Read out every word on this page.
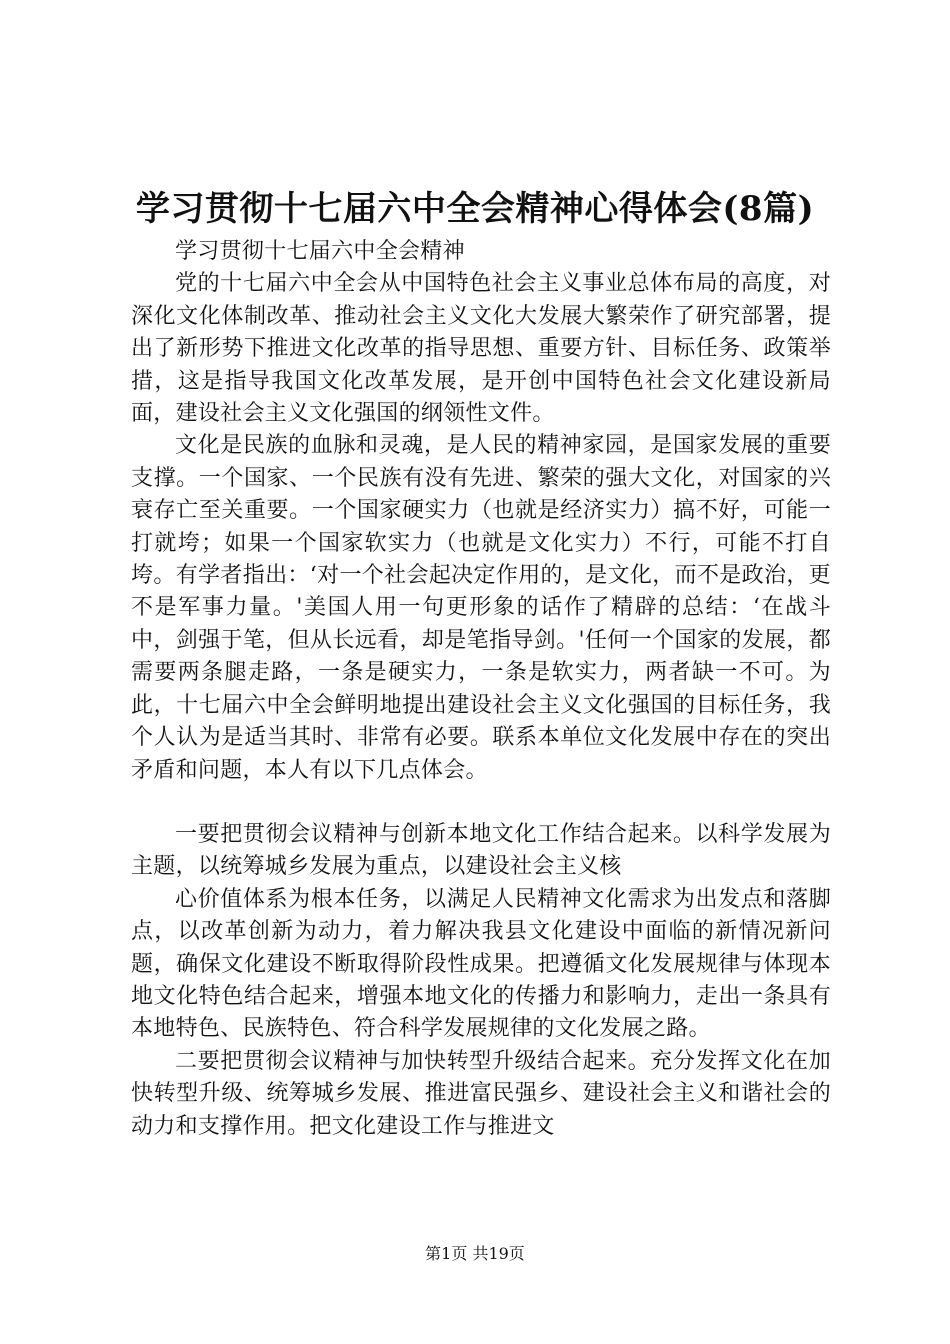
学习贯彻十七届六中全会精神心得体会(8篇)

学习贯彻十七届六中全会精神

党的十七届六中全会从中国特色社会主义事业总体布局的高度，对深化文化体制改革、推动社会主义文化大发展大繁荣作了研究部署，提出了新形势下推进文化改革的指导思想、重要方针、目标任务、政策举措，这是指导我国文化改革发展，是开创中国特色社会文化建设新局面，建设社会主义文化强国的纲领性文件。

文化是民族的血脉和灵魂，是人民的精神家园，是国家发展的重要支撑。一个国家、一个民族有没有先进、繁荣的强大文化，对国家的兴衰存亡至关重要。一个国家硬实力（也就是经济实力）搞不好，可能一打就垮；如果一个国家软实力（也就是文化实力）不行，可能不打自垮。有学者指出：‘对一个社会起决定作用的，是文化，而不是政治，更不是军事力量。'美国人用一句更形象的话作了精辟的总结：‘在战斗中，剑强于笔，但从长远看，却是笔指导剑。'任何一个国家的发展，都需要两条腿走路，一条是硬实力，一条是软实力，两者缺一不可。为此，十七届六中全会鲜明地提出建设社会主义文化强国的目标任务，我个人认为是适当其时、非常有必要。联系本单位文化发展中存在的突出矛盾和问题，本人有以下几点体会。

一要把贯彻会议精神与创新本地文化工作结合起来。以科学发展为主题，以统筹城乡发展为重点，以建设社会主义核

心价值体系为根本任务，以满足人民精神文化需求为出发点和落脚点，以改革创新为动力，着力解决我县文化建设中面临的新情况新问题，确保文化建设不断取得阶段性成果。把遵循文化发展规律与体现本地文化特色结合起来，增强本地文化的传播力和影响力，走出一条具有本地特色、民族特色、符合科学发展规律的文化发展之路。

二要把贯彻会议精神与加快转型升级结合起来。充分发挥文化在加快转型升级、统筹城乡发展、推进富民强乡、建设社会主义和谐社会的动力和支撑作用。把文化建设工作与推进文

第1页 共19页
